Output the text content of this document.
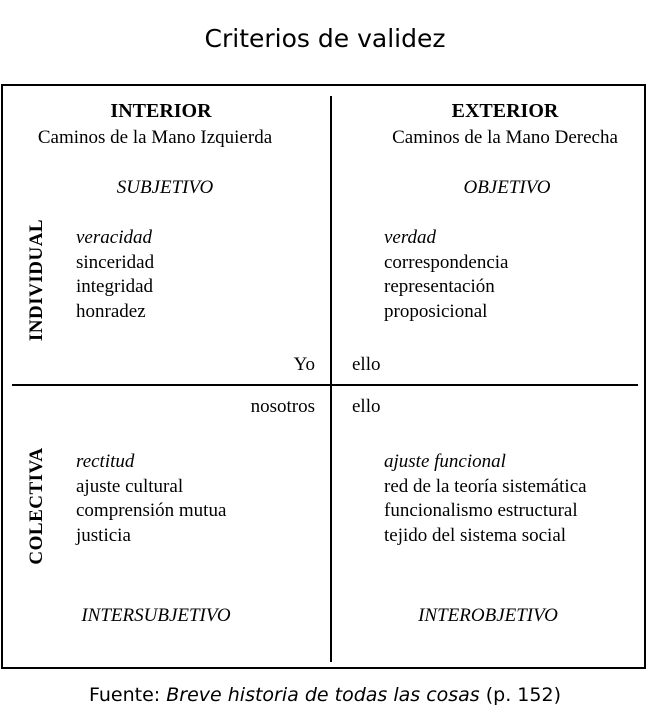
Criterios de validez
INDIVIDUAL
COLECTIVA
INTERIOR
Caminos de la Mano Izquierda
SUBJETIVO
veracidad
sinceridad
integridad
honradez
Yo
EXTERIOR
Caminos de la Mano Derecha
OBJETIVO
verdad
correspondencia
representación
proposicional
ello
nosotros
rectitud
ajuste cultural
comprensión mutua
justicia
INTERSUBJETIVO
ello
ajuste funcional
red de la teoría sistemática
funcionalismo estructural
tejido del sistema social
INTEROBJETIVO
Fuente: Breve historia de todas las cosas (p. 152)
